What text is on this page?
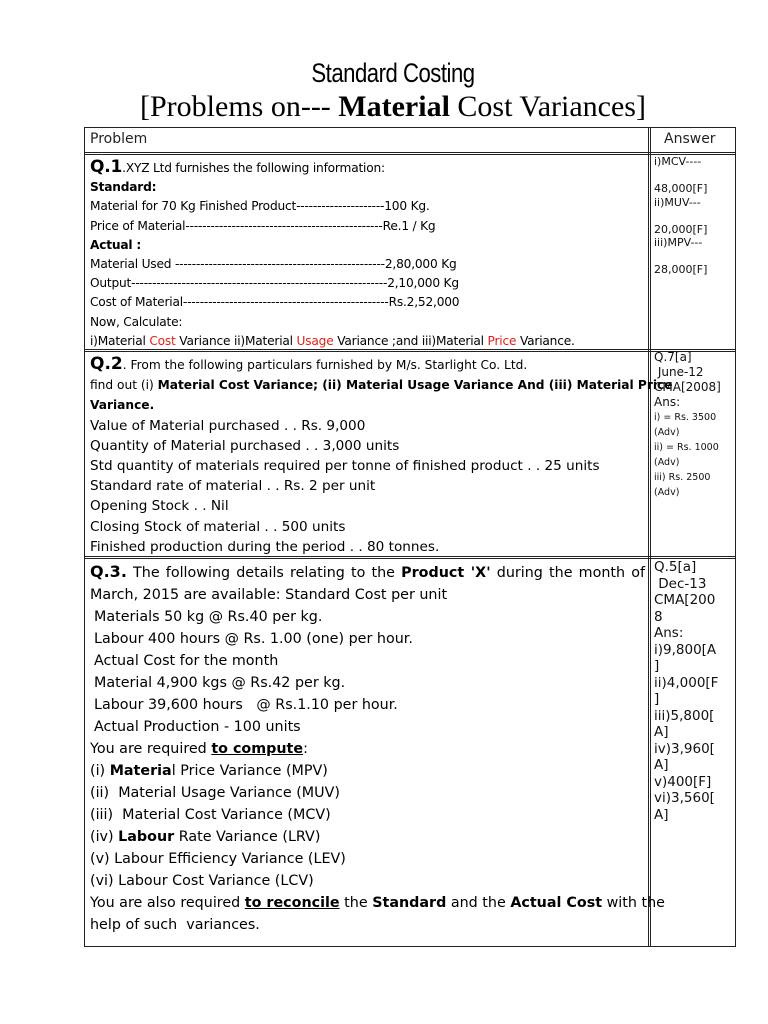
Standard Costing
[Problems on--- Material Cost Variances]
Problem	Answer
Q.1.XYZ Ltd furnishes the following information:
Standard:
Material for 70 Kg Finished Product---------------------100 Kg.
Price of Material-----------------------------------------------Re.1 / Kg
Actual :
Material Used --------------------------------------------------2,80,000 Kg
Output-------------------------------------------------------------2,10,000 Kg
Cost of Material-------------------------------------------------Rs.2,52,000
Now, Calculate:
i)Material Cost Variance ii)Material Usage Variance ;and iii)Material Price Variance.
Q.2. From the following particulars furnished by M/s. Starlight Co. Ltd.
find out (i) Material Cost Variance; (ii) Material Usage Variance And (iii) Material Price
Variance.
Value of Material purchased . . Rs. 9,000
Quantity of Material purchased . . 3,000 units
Std quantity of materials required per tonne of finished product . . 25 units
Standard rate of material . . Rs. 2 per unit
Opening Stock . . Nil
Closing Stock of material . . 500 units
Finished production during the period . . 80 tonnes.
Q.3. The following details relating to the Product 'X' during the month of
March, 2015 are available: Standard Cost per unit
Materials 50 kg @ Rs.40 per kg.
Labour 400 hours @ Rs. 1.00 (one) per hour.
Actual Cost for the month
Material 4,900 kgs @ Rs.42 per kg.
Labour 39,600 hours   @ Rs.1.10 per hour.
Actual Production - 100 units
You are required to compute:
(i) Material Price Variance (MPV)
(ii)  Material Usage Variance (MUV)
(iii)  Material Cost Variance (MCV)
(iv) Labour Rate Variance (LRV)
(v) Labour Efficiency Variance (LEV)
(vi) Labour Cost Variance (LCV)
You are also required to reconcile the Standard and the Actual Cost with the
help of such  variances.
i)MCV----
48,000[F]
ii)MUV---
20,000[F]
iii)MPV---
28,000[F]
Q.7[a]
June-12
CMA[2008]
Ans:
i) = Rs. 3500
(Adv)
ii) = Rs. 1000
(Adv)
iii) Rs. 2500
(Adv)
Q.5[a]
Dec-13
CMA[200
8
Ans:
i)9,800[A
]
ii)4,000[F
]
iii)5,800[
A]
iv)3,960[
A]
v)400[F]
vi)3,560[
A]
